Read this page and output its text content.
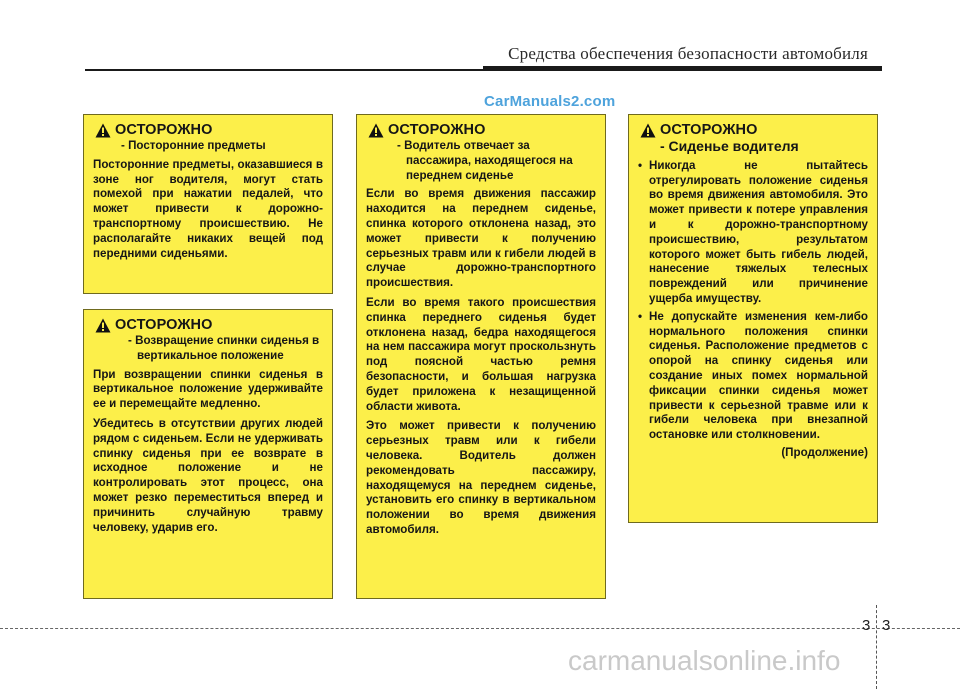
Средства обеспечения безопасности автомобиля
CarManuals2.com
ОСТОРОЖНО
- Посторонние предметы
Посторонние предметы, оказавшиеся в зоне ног водителя, могут стать помехой при нажатии педалей, что может привести к дорожно-транспортному происшествию. Не располагайте никаких вещей под передними сиденьями.
ОСТОРОЖНО
- Возвращение спинки сиденья в вертикальное положение
При возвращении спинки сиденья в вертикальное положение удерживайте ее и перемещайте медленно.
Убедитесь в отсутствии других людей рядом с сиденьем. Если не удерживать спинку сиденья при ее возврате в исходное положение и не контролировать этот процесс, она может резко переместиться вперед и причинить случайную травму человеку, ударив его.
ОСТОРОЖНО
- Водитель отвечает за пассажира, находящегося на переднем сиденье
Если во время движения пассажир находится на переднем сиденье, спинка которого отклонена назад, это может привести к получению серьезных травм или к гибели людей в случае дорожно-транспортного происшествия.
Если во время такого происшествия спинка переднего сиденья будет отклонена назад, бедра находящегося на нем пассажира могут проскользнуть под поясной частью ремня безопасности, и большая нагрузка будет приложена к незащищенной области живота.
Это может привести к получению серьезных травм или к гибели человека. Водитель должен рекомендовать пассажиру, находящемуся на переднем сиденье, установить его спинку в вертикальном положении во время движения автомобиля.
ОСТОРОЖНО
- Сиденье водителя
• Никогда не пытайтесь отрегулировать положение сиденья во время движения автомобиля. Это может привести к потере управления и к дорожно-транспортному происшествию, результатом которого может быть гибель людей, нанесение тяжелых телесных повреждений или причинение ущерба имуществу.
• Не допускайте изменения кем-либо нормального положения спинки сиденья. Расположение предметов с опорой на спинку сиденья или создание иных помех нормальной фиксации спинки сиденья может привести к серьезной травме или к гибели человека при внезапной остановке или столкновении.
(Продолжение)
3 3
carmanualsonline.info
